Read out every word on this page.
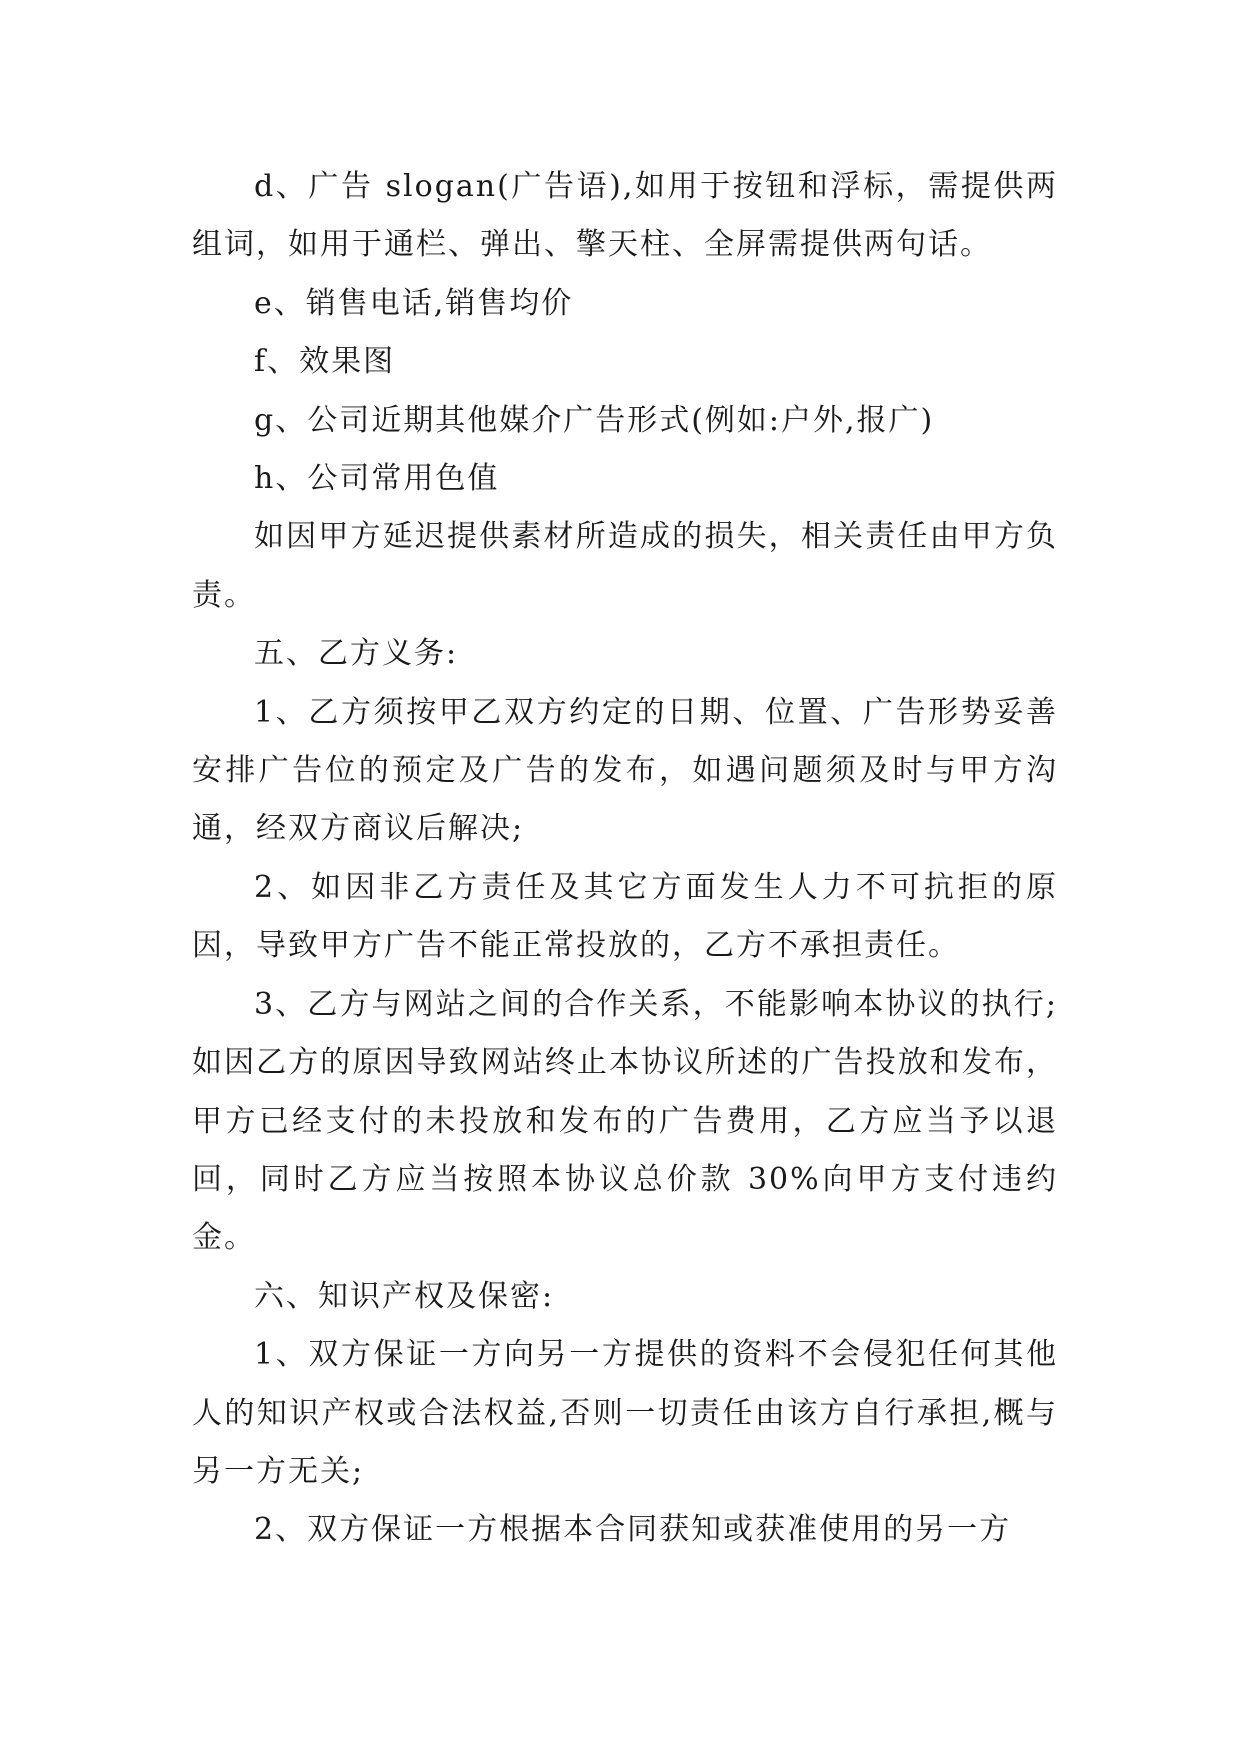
d、广告 slogan(广告语),如用于按钮和浮标，需提供两组词，如用于通栏、弹出、擎天柱、全屏需提供两句话。

e、销售电话,销售均价

f、效果图

g、公司近期其他媒介广告形式(例如:户外,报广)

h、公司常用色值

如因甲方延迟提供素材所造成的损失，相关责任由甲方负责。

五、乙方义务:

1、乙方须按甲乙双方约定的日期、位置、广告形势妥善安排广告位的预定及广告的发布，如遇问题须及时与甲方沟通，经双方商议后解决;

2、如因非乙方责任及其它方面发生人力不可抗拒的原因，导致甲方广告不能正常投放的，乙方不承担责任。

3、乙方与网站之间的合作关系，不能影响本协议的执行;如因乙方的原因导致网站终止本协议所述的广告投放和发布，甲方已经支付的未投放和发布的广告费用，乙方应当予以退回，同时乙方应当按照本协议总价款 30%向甲方支付违约金。

六、知识产权及保密:

1、双方保证一方向另一方提供的资料不会侵犯任何其他人的知识产权或合法权益,否则一切责任由该方自行承担,概与另一方无关;

2、双方保证一方根据本合同获知或获准使用的另一方
